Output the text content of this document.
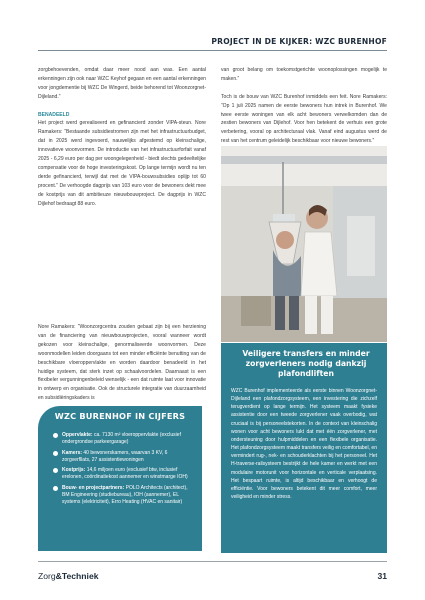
PROJECT IN DE KIJKER: WZC BURENHOF

zorgbehoevenden, omdat daar meer nood aan was. Een aantal erkenningen zijn ook naar WZC Keyhof gegaan en een aantal erkenningen voor jongdementie bij WZC De Wingerd, beide behorend tot Woonzorgnet-Dijleland.”

BENADEELD

Het project werd gerealiseerd en gefinancierd zonder VIPA-steun. Nore Ramakers: “Bestaande subsidiestromen zijn met het infrastructuurbudget, dat in 2025 werd ingevoerd, nauwelijks afgestemd op kleinschalige, innovatieve woonvormen. De introductie van het infrastructuurforfait vanaf 2025 - 6,29 euro per dag per woongelegenheid - biedt slechts gedeeltelijke compensatie voor de hoge investeringskost. Op lange termijn wordt nu ten derde gefinancierd, terwijl dat met de VIPA-bouwsubsidies oplijp tot 60 procent.” De verhoogde dagprijs van 103 euro voor de bewoners dekt mee de kostprijs van dit ambitieuze nieuwbouwproject. De dagprijs in WZC Dijlehof bedraagt 88 euro.

Nore Ramakers: “Woonzorgcentra zouden gebaat zijn bij een herziening van de financiering van nieuwbouwprojecten, vooral wanneer wordt gekozen voor kleinschalige, genormaliseerde woonvormen. Deze woonmodellen leiden doorgaans tot een minder efficiënte benutting van de beschikbare vloeroppervlakte en worden daardoor benadeeld in het huidige systeem, dat sterk inzet op schaalvoordelen. Daarnaast is een flexibeler vergunningenbeleid wenselijk - een dat ruimte laat voor innovatie in ontwerp en organisatie. Ook de structurele integratie van duurzaamheid en subsidiëringskaders is

van groot belang om toekomstgerichte woonoplossingen mogelijk te maken.”

Toch is de bouw van WZC Burenhof inmiddels een feit. Nore Ramakers: “Op 1 juli 2025 namen de eerste bewoners hun intrek in Burenhof. We twee eerste woningen van elk acht bewoners verwelkomden dan de zestien bewoners van Dijlehof. Voor hen betekent de verhuis een grote verbetering, vooral op architecturaal vlak. Vanaf eind augustus werd de rest van het centrum geleidelijk beschikbaar voor nieuwe bewoners.”

Veiligere transfers en minder zorgverleners nodig dankzij plafondliften

WZC Burenhof implementeerde als eerste binnen Woonzorgnet-Dijleland een plafondzorgsysteem, een investering die zichzelf terugverdient op lange termijn. Het systeem maakt fysieke assistentie door een tweede zorgverlener vaak overbodig, wat cruciaal is bij personeelstekorten. In de context van kleinschalig wonen voor acht bewoners lukt dat met één zorgverlener, met ondersteuning door hulpmiddelen en een flexibele organisatie. Het plafondzorgsysteem maakt transfers veilig en comfortabel, en vermindert rug-, nek- en schouderklachten bij het personeel. Het H-traverse-railsysteem bestrijkt de hele kamer en werkt met een modulaire motorunit voor horizontale en verticale verplaatsing. Het bespaart ruimte, is altijd beschikbaar en verhoogt de efficiëntie. Voor bewoners betekent dit meer comfort, meer veiligheid en minder stress.

WZC BURENHOF IN CIJFERS

Oppervlakte: ca. 7130 m² vloeroppervlakte (exclusief ondergrondse parkeergarage)
Kamers: 40 bewonerskamers, waarvan 3 KV, 6 zorgverfllats, 27 assistentiewoningen
Kostprijs: 14,6 miljoen euro (exclusief btw, inclusief erelonen, coördinatiekost aannemer en winstmarge IOH)
Bouw- en projectpartners: POLO Architects (architect), BM Engineering (studiebureau), IOH (aannemer), EL systems (elektriciteit), Erro Heating (HVAC en sanitair)
Zorg&Techniek	31
